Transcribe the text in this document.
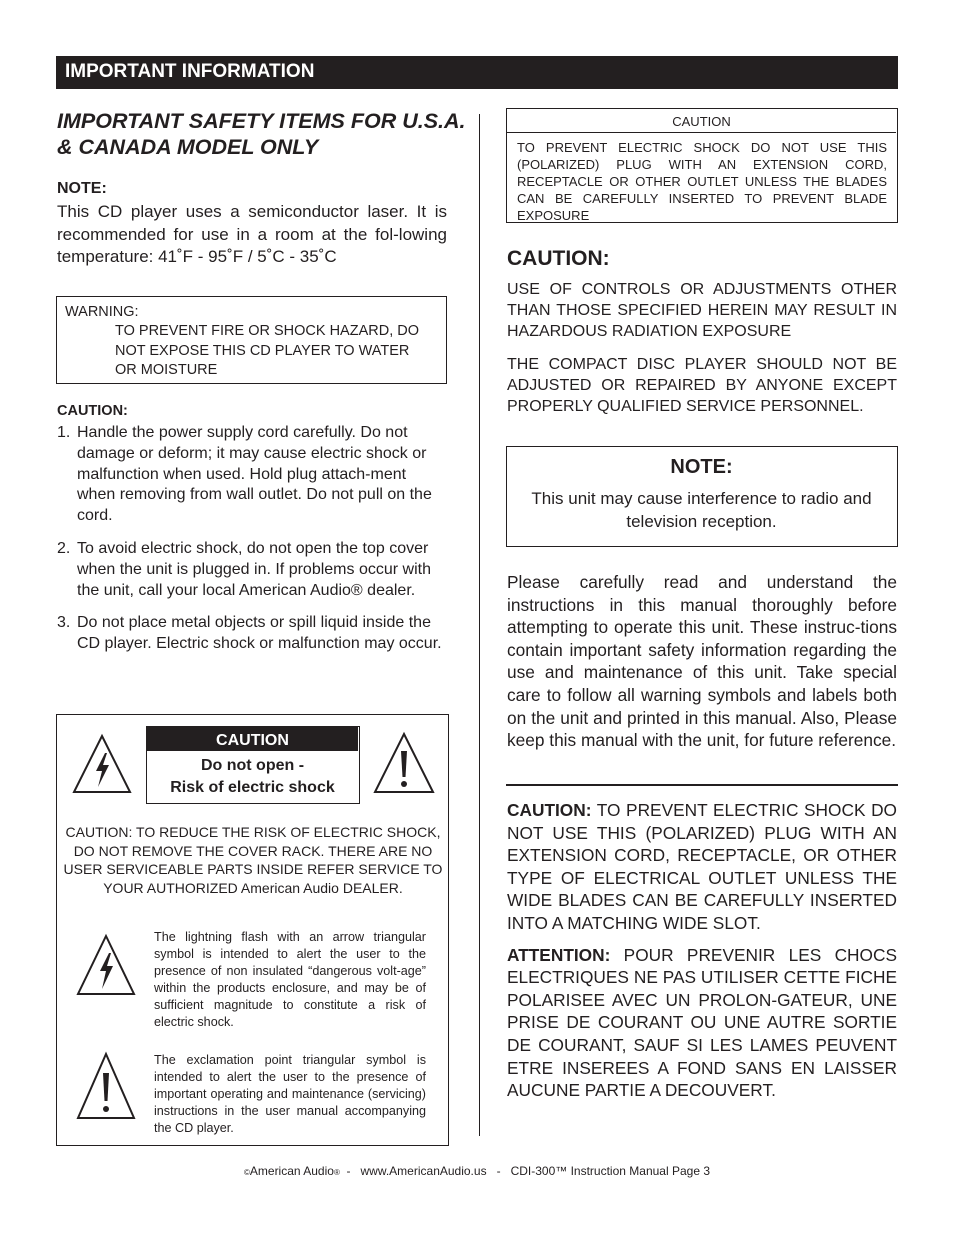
IMPORTANT INFORMATION
IMPORTANT SAFETY ITEMS FOR U.S.A. & CANADA MODEL ONLY
NOTE:
This CD player uses a semiconductor laser. It is recommended for use in a room at the fol-lowing temperature: 41˚F - 95˚F / 5˚C - 35˚C
WARNING:
TO PREVENT FIRE OR SHOCK HAZARD, DO NOT EXPOSE THIS CD PLAYER TO WATER OR MOISTURE
CAUTION:
1. Handle the power supply cord carefully. Do not damage or deform; it may cause electric shock or malfunction when used. Hold plug attach-ment when removing from wall outlet. Do not pull on the cord.
2. To avoid electric shock, do not open the top cover when the unit is plugged in. If problems occur with the unit, call your local American Audio® dealer.
3. Do not place metal objects or spill liquid inside the CD player. Electric shock or malfunction may occur.
CAUTION
Do not open -
Risk of electric shock
CAUTION: TO REDUCE THE RISK OF ELECTRIC SHOCK, DO NOT REMOVE THE COVER RACK. THERE ARE NO USER SERVICEABLE PARTS INSIDE REFER SERVICE TO YOUR AUTHORIZED American Audio DEALER.
The lightning flash with an arrow triangular symbol is intended to alert the user to the presence of non insulated “dangerous volt-age” within the products enclosure, and may be of sufficient magnitude to constitute a risk of electric shock.
The exclamation point triangular symbol is intended to alert the user to the presence of important operating and maintenance (servicing) instructions in the user manual accompanying the CD player.
CAUTION
TO PREVENT ELECTRIC SHOCK DO NOT USE THIS (POLARIZED) PLUG WITH AN EXTENSION CORD, RECEPTACLE OR OTHER OUTLET UNLESS THE BLADES CAN BE CAREFULLY INSERTED TO PREVENT BLADE EXPOSURE
CAUTION:

USE OF CONTROLS OR ADJUSTMENTS OTHER THAN THOSE SPECIFIED HEREIN MAY RESULT IN HAZARDOUS RADIATION EXPOSURE

THE COMPACT DISC PLAYER SHOULD NOT BE ADJUSTED OR REPAIRED BY ANYONE EXCEPT PROPERLY QUALIFIED SERVICE PERSONNEL.

NOTE:
This unit may cause interference to radio and television reception.
Please carefully read and understand the instructions in this manual thoroughly before attempting to operate this unit. These instruc-tions contain important safety information regarding the use and maintenance of this unit. Take special care to follow all warning symbols and labels both on the unit and printed in this manual. Also, Please keep this manual with the unit, for future reference.

CAUTION: TO PREVENT ELECTRIC SHOCK DO NOT USE THIS (POLARIZED) PLUG WITH AN EXTENSION CORD, RECEPTACLE, OR OTHER TYPE OF ELECTRICAL OUTLET UNLESS THE WIDE BLADES CAN BE CAREFULLY INSERTED INTO A MATCHING WIDE SLOT.

ATTENTION: POUR PREVENIR LES CHOCS ELECTRIQUES NE PAS UTILISER CETTE FICHE POLARISEE AVEC UN PROLON-GATEUR, UNE PRISE DE COURANT OU UNE AUTRE SORTIE DE COURANT, SAUF SI LES LAMES PEUVENT ETRE INSEREES A FOND SANS EN LAISSER AUCUNE PARTIE A DECOUVERT.

©American Audio®  -   www.AmericanAudio.us   -   CDI-300™ Instruction Manual Page 3
